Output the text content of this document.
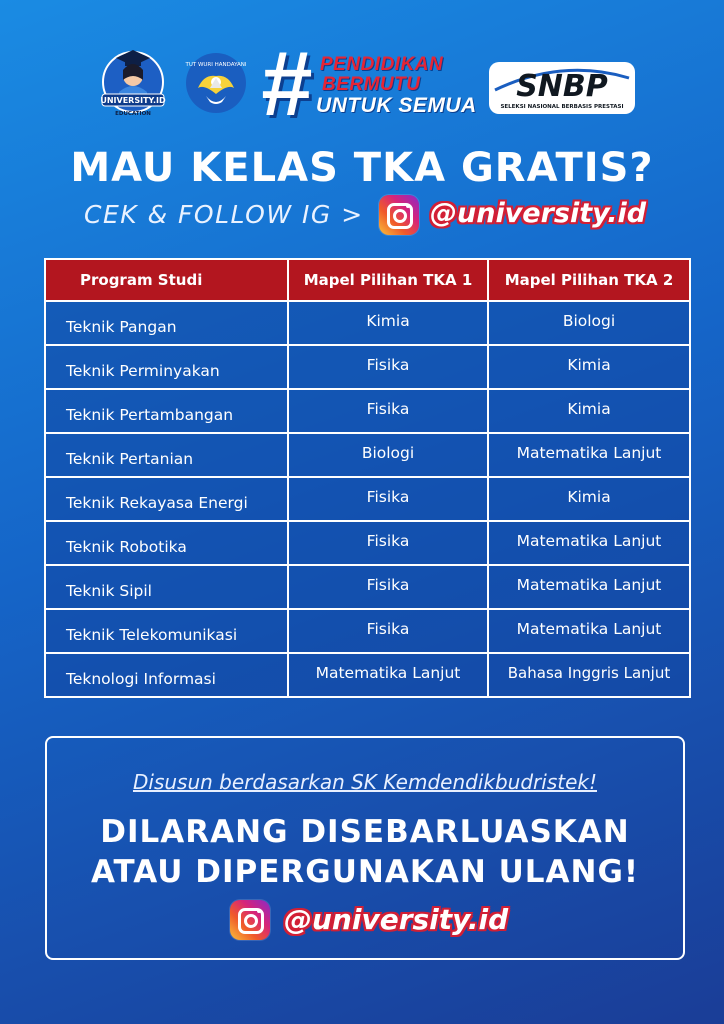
UNIVERSITY.ID
EDUCATION
TUT WURI HANDAYANI # PENDIDIKAN
BERMUTU
UNTUK SEMUA
SNBP
SELEKSI NASIONAL BERBASIS PRESTASI
MAU KELAS TKA GRATIS?
CEK & FOLLOW IG > @university.id
Program Studi	Mapel Pilihan TKA 1	Mapel Pilihan TKA 2
Teknik Pangan	Kimia	Biologi
Teknik Perminyakan	Fisika	Kimia
Teknik Pertambangan	Fisika	Kimia
Teknik Pertanian	Biologi	Matematika Lanjut
Teknik Rekayasa Energi	Fisika	Kimia
Teknik Robotika	Fisika	Matematika Lanjut
Teknik Sipil	Fisika	Matematika Lanjut
Teknik Telekomunikasi	Fisika	Matematika Lanjut
Teknologi Informasi	Matematika Lanjut	Bahasa Inggris Lanjut
Disusun berdasarkan SK Kemdendikbudristek!
DILARANG DISEBARLUASKAN
ATAU DIPERGUNAKAN ULANG!
@university.id
